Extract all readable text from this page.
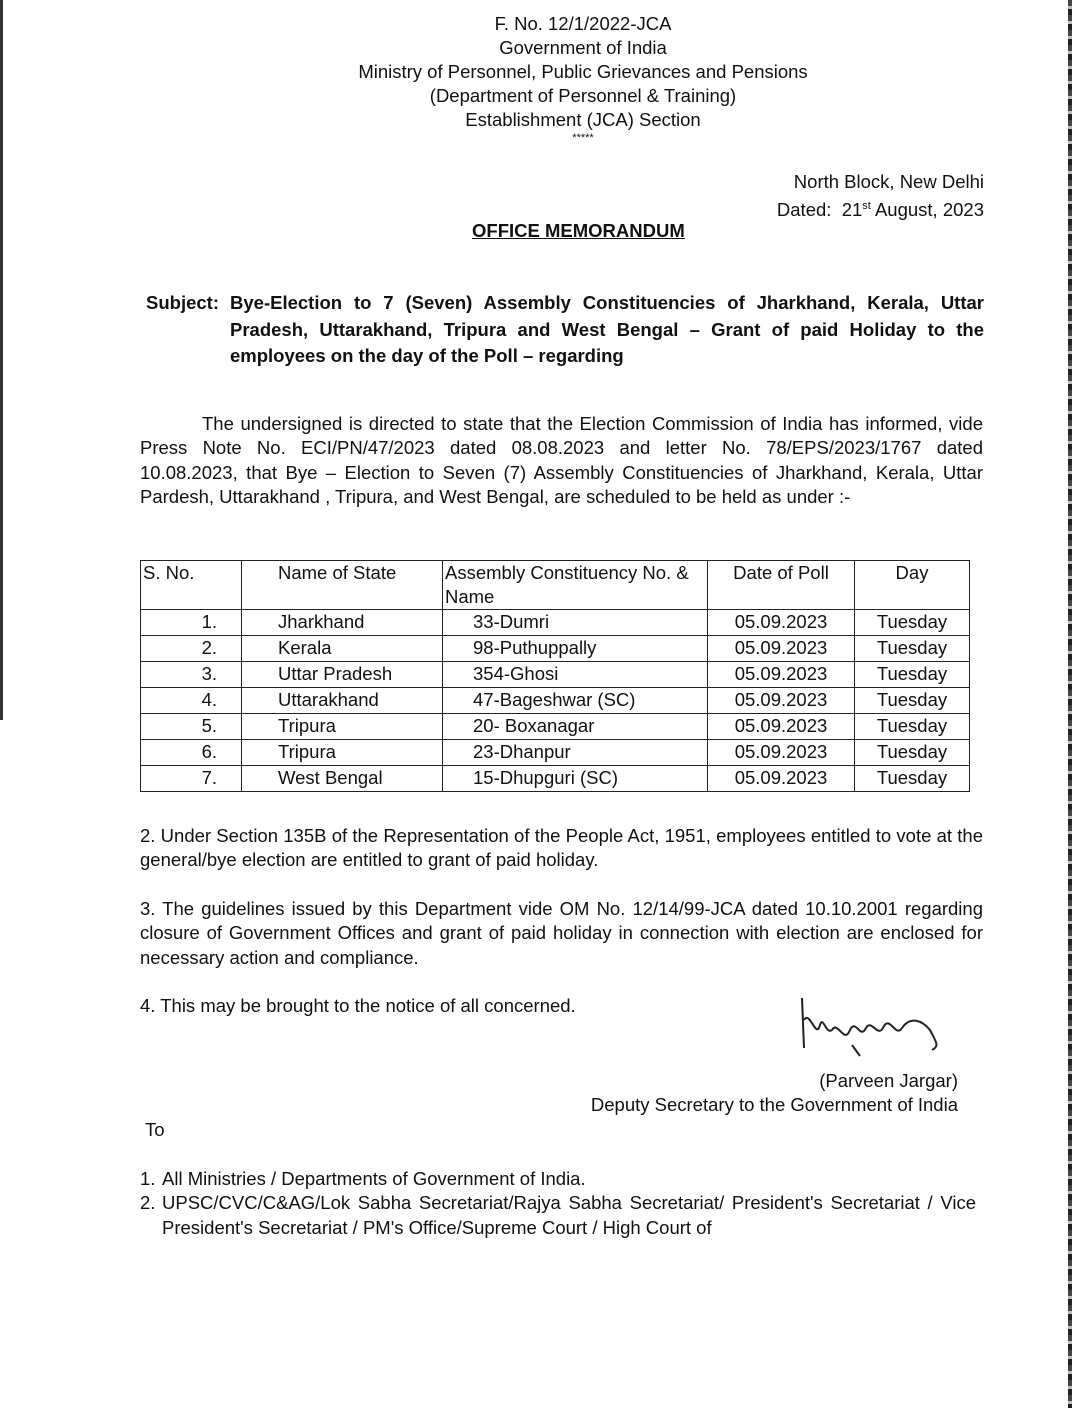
F. No. 12/1/2022-JCA
Government of India
Ministry of Personnel, Public Grievances and Pensions
(Department of Personnel & Training)
Establishment (JCA) Section
*****
North Block, New Delhi
Dated:  21st August, 2023
OFFICE MEMORANDUM
Subject: Bye-Election to 7 (Seven) Assembly Constituencies of Jharkhand, Kerala, Uttar Pradesh, Uttarakhand, Tripura and West Bengal – Grant of paid Holiday to the employees on the day of the Poll – regarding
The undersigned is directed to state that the Election Commission of India has informed, vide Press Note No. ECI/PN/47/2023 dated 08.08.2023 and letter No. 78/EPS/2023/1767 dated 10.08.2023, that Bye – Election to Seven (7) Assembly Constituencies of Jharkhand, Kerala, Uttar Pardesh, Uttarakhand , Tripura, and West Bengal, are scheduled to be held as under :-
S. No.	Name of State	Assembly Constituency No. & Name	Date of Poll	Day
1.	Jharkhand	33-Dumri	05.09.2023	Tuesday
2.	Kerala	98-Puthuppally	05.09.2023	Tuesday
3.	Uttar Pradesh	354-Ghosi	05.09.2023	Tuesday
4.	Uttarakhand	47-Bageshwar (SC)	05.09.2023	Tuesday
5.	Tripura	20- Boxanagar	05.09.2023	Tuesday
6.	Tripura	23-Dhanpur	05.09.2023	Tuesday
7.	West Bengal	15-Dhupguri (SC)	05.09.2023	Tuesday
2. Under Section 135B of the Representation of the People Act, 1951, employees entitled to vote at the general/bye election are entitled to grant of paid holiday.
3. The guidelines issued by this Department vide OM No. 12/14/99-JCA dated 10.10.2001 regarding closure of Government Offices and grant of paid holiday in connection with election are enclosed for necessary action and compliance.
4. This may be brought to the notice of all concerned.
(Parveen Jargar)
Deputy Secretary to the Government of India
To
1. All Ministries / Departments of Government of India.
2. UPSC/CVC/C&AG/Lok Sabha Secretariat/Rajya Sabha Secretariat/ President's Secretariat / Vice President's Secretariat / PM's Office/Supreme Court / High Court of
